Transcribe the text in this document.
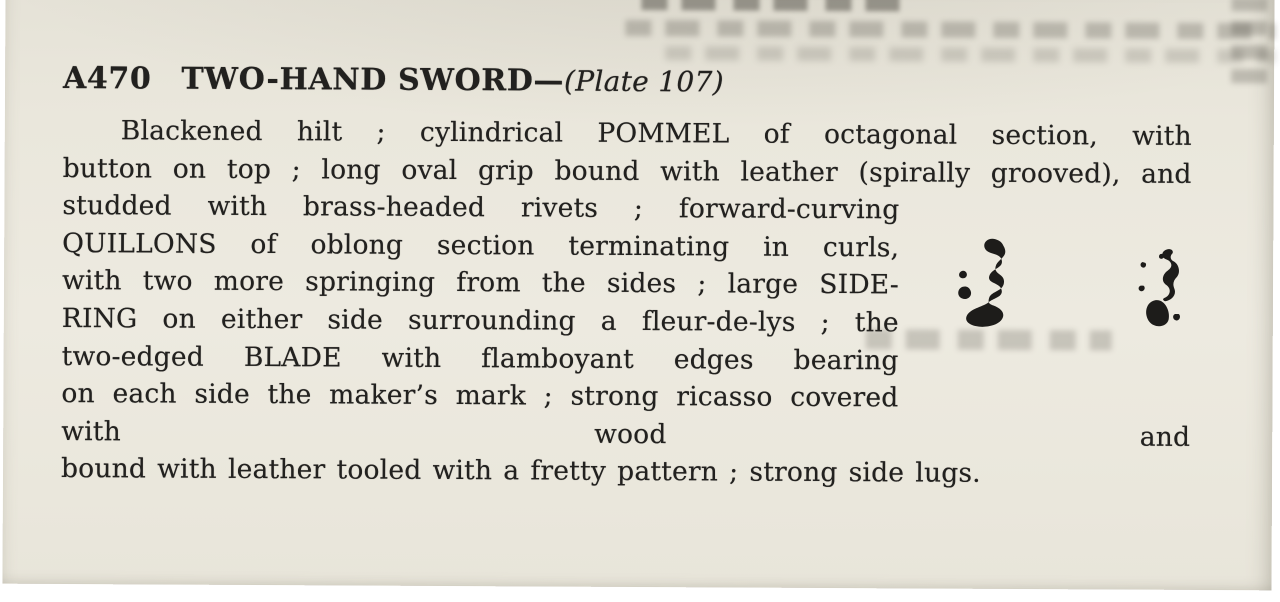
A470 TWO-HAND SWORD—(Plate 107)
Blackened hilt ; cylindrical POMMEL of octagonal section, with
button on top ; long oval grip bound with leather (spirally grooved), and
studded with brass-headed rivets ; forward-curving
QUILLONS of oblong section terminating in curls,
with two more springing from the sides ; large SIDE-
RING on either side surrounding a fleur-de-lys ; the
two-edged BLADE with flamboyant edges bearing
on each side the maker’s mark ; strong ricasso covered with wood and
bound with leather tooled with a fretty pattern ; strong side lugs.
